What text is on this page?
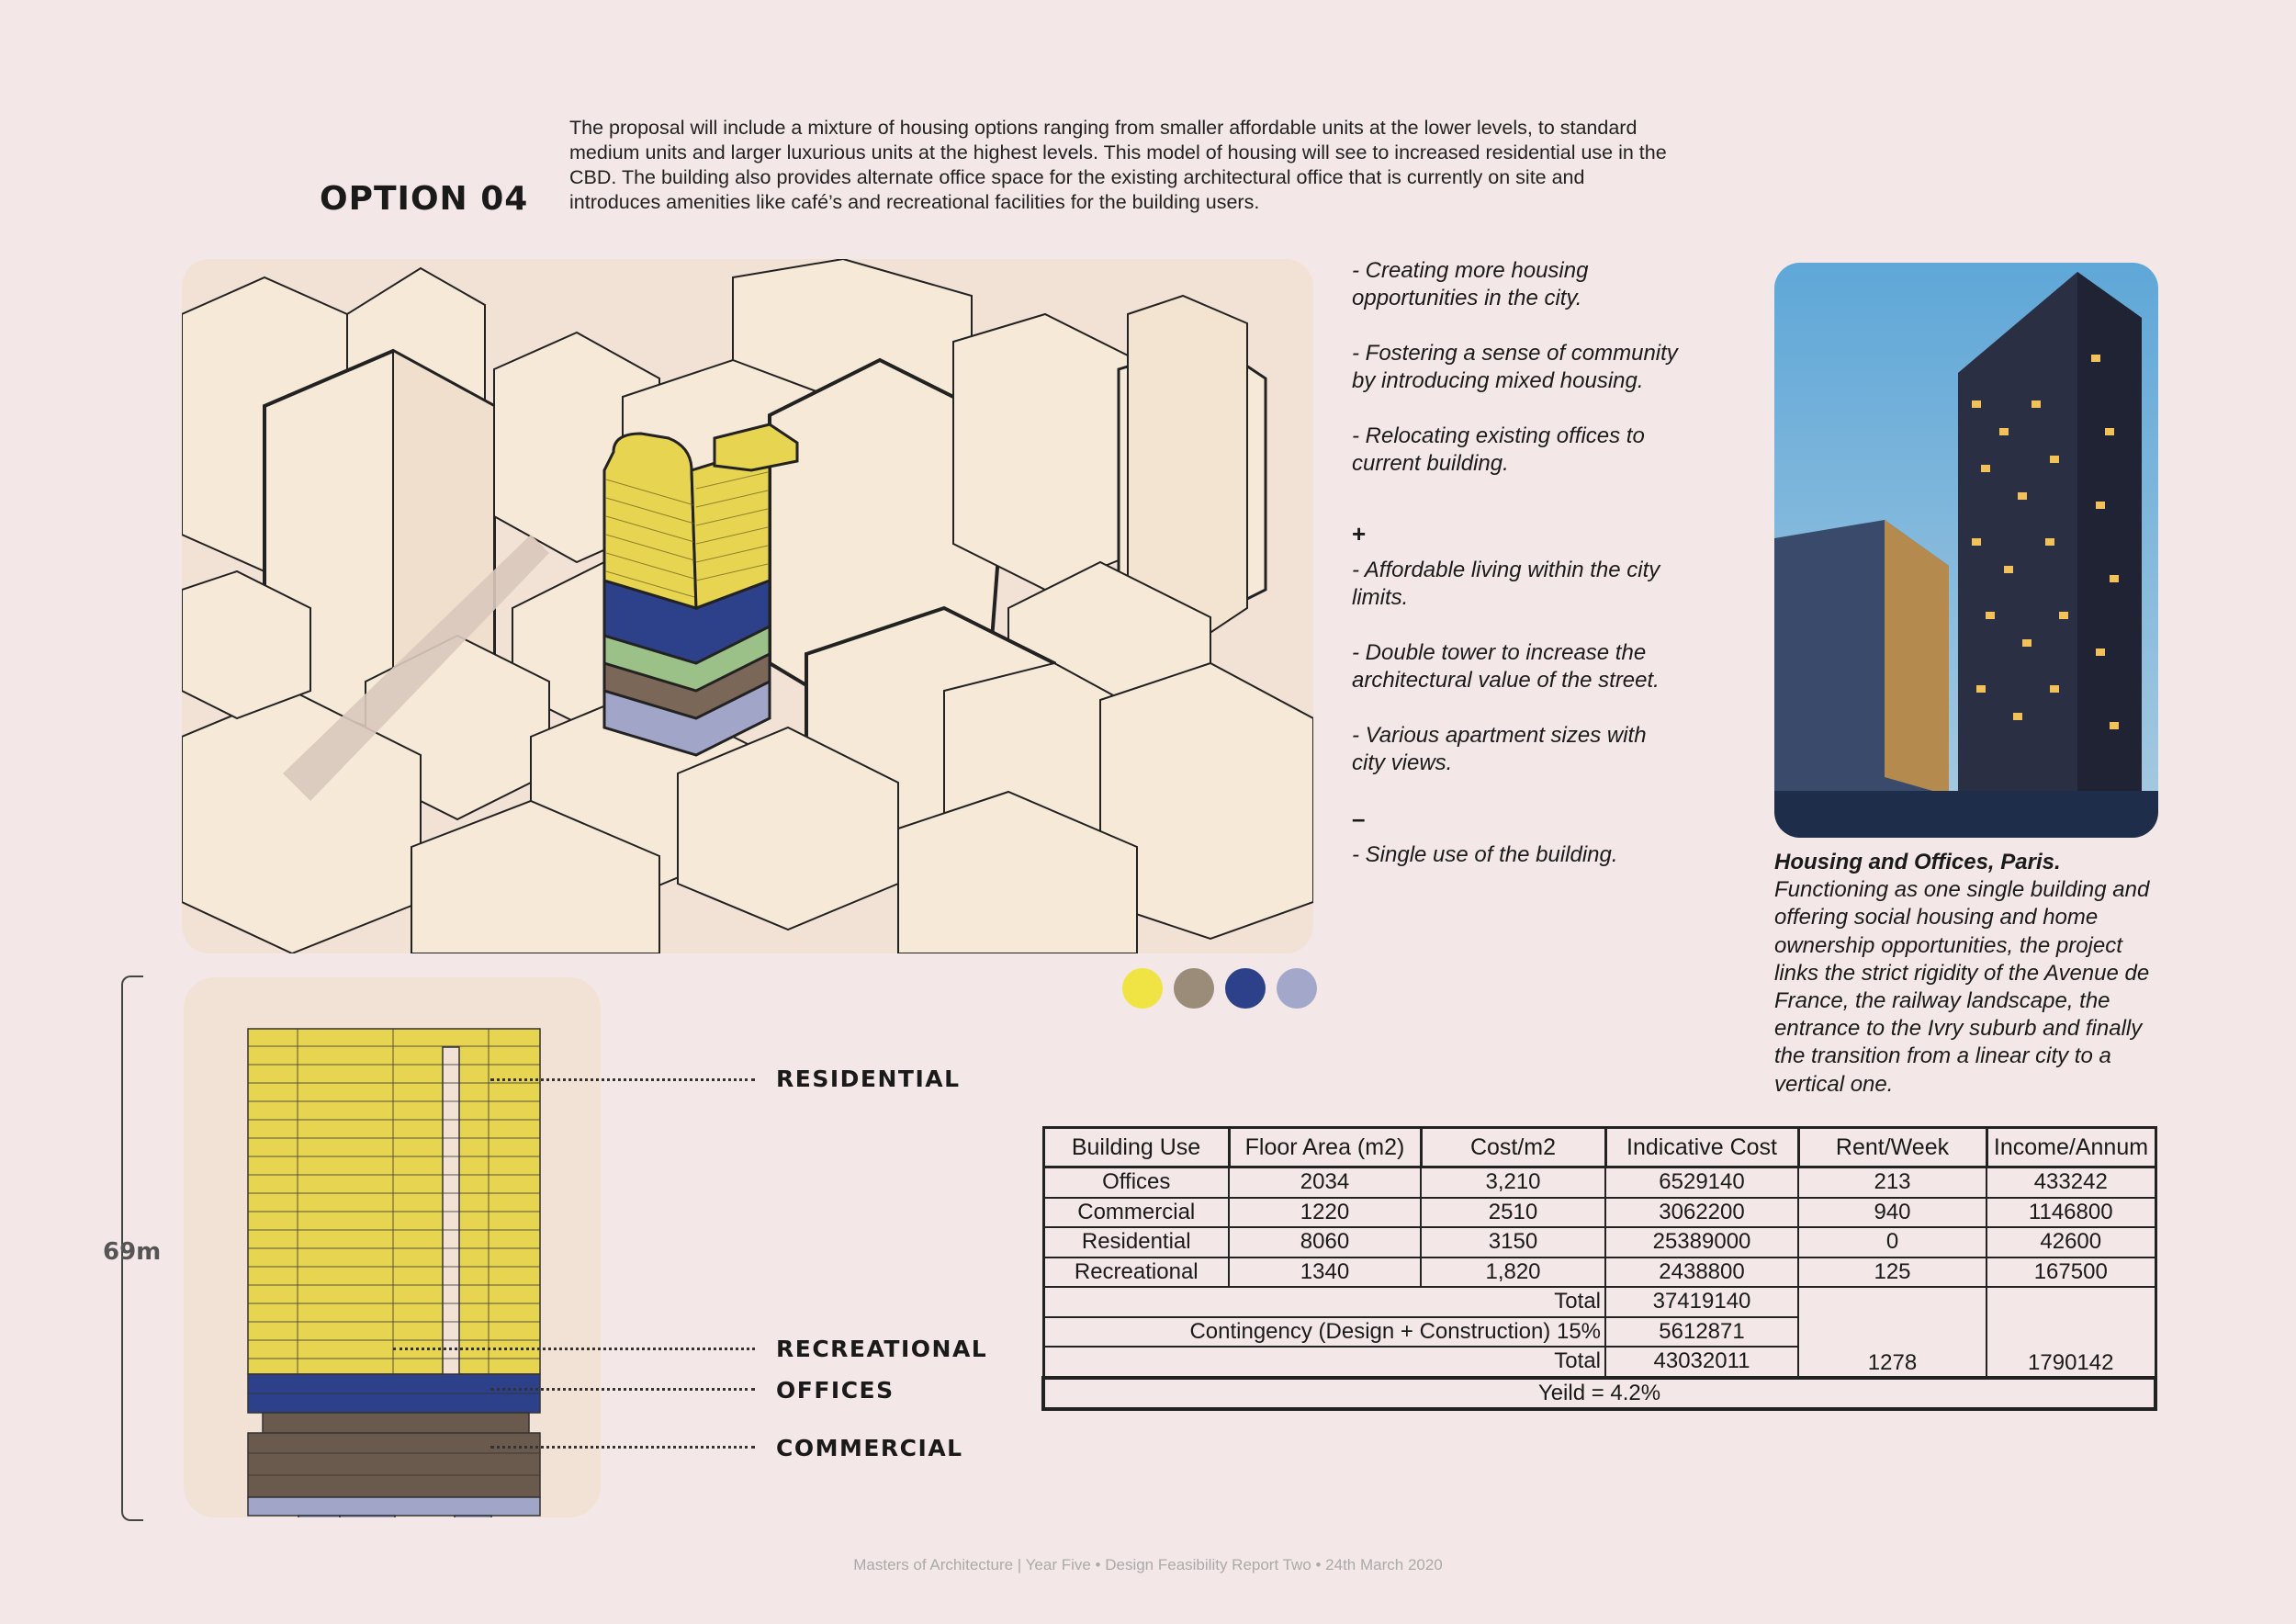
OPTION 04
The proposal will include a mixture of housing options ranging from smaller affordable units at the lower levels, to standard medium units and larger luxurious units at the highest levels. This model of housing will see to increased residential use in the CBD. The building also provides alternate office space for the existing architectural office that is currently on site and introduces amenities like café’s and recreational facilities for the building users.

- Creating more housing opportunities in the city.

- Fostering a sense of community by introducing mixed housing.

- Relocating existing offices to current building.

+

- Affordable living within the city limits.

- Double tower to increase the architectural value of the street.

- Various apartment sizes with city views.

–

- Single use of the building.	Housing and Offices, Paris.
Functioning as one single building and offering social housing and home ownership opportunities, the project links the strict rigidity of the Avenue de France, the railway landscape, the entrance to the Ivry suburb and finally the transition from a linear city to a vertical one.
69m
RESIDENTIAL
RECREATIONAL
OFFICES
COMMERCIAL
Building Use	Floor Area (m2)	Cost/m2	Indicative Cost	Rent/Week	Income/Annum
Offices	2034	3,210	6529140	213	433242
Commercial	1220	2510	3062200	940	1146800
Residential	8060	3150	25389000	0	42600
Recreational	1340	1,820	2438800	125	167500
Total			37419140	1278	1790142
Contingency (Design + Construction) 15%			5612871		
Total			43032011		
Yeild = 4.2%					
Masters of Architecture | Year Five • Design Feasibility Report Two • 24th March 2020
